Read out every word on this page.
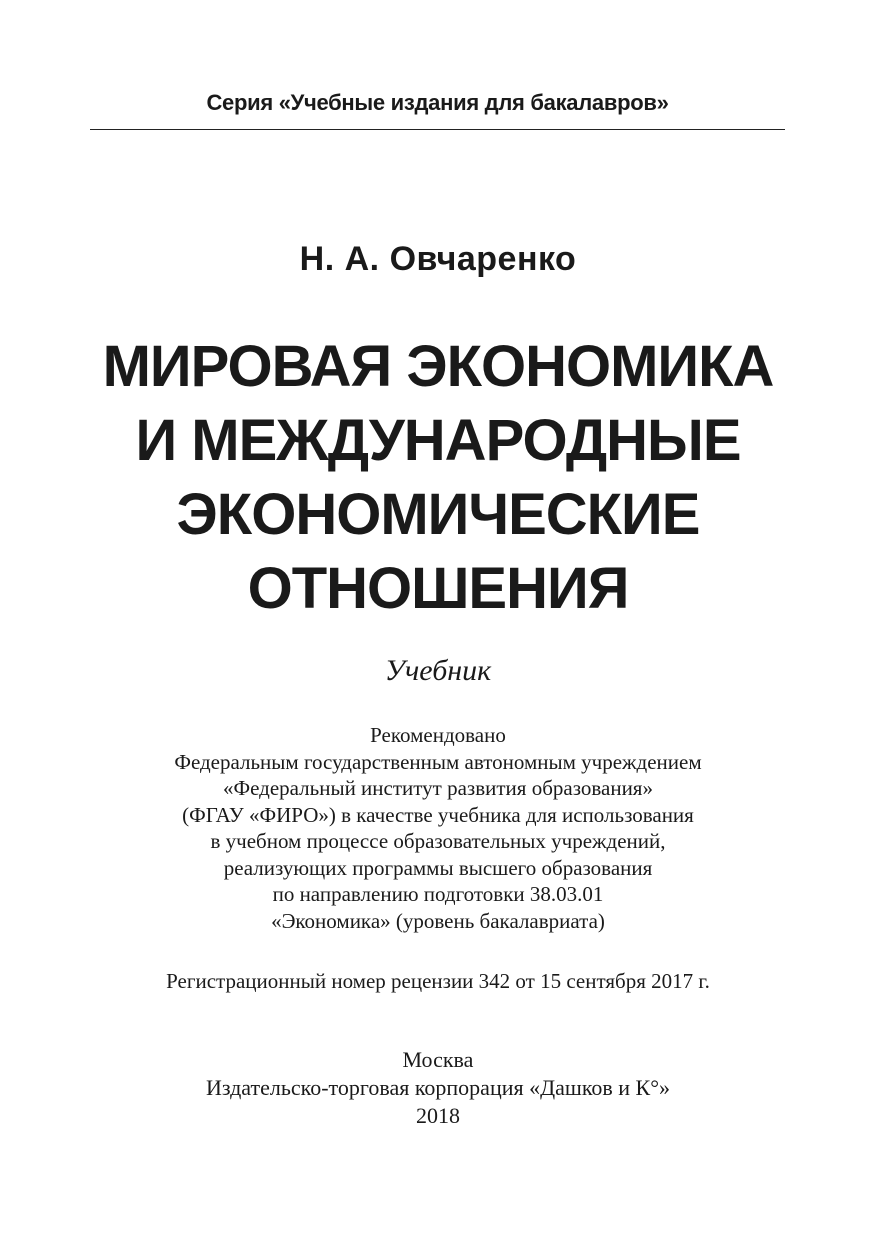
Серия «Учебные издания для бакалавров»
Н. А. Овчаренко
МИРОВАЯ ЭКОНОМИКА
И МЕЖДУНАРОДНЫЕ
ЭКОНОМИЧЕСКИЕ
ОТНОШЕНИЯ
Учебник
Рекомендовано
Федеральным государственным автономным учреждением
«Федеральный институт развития образования»
(ФГАУ «ФИРО») в качестве учебника для использования
в учебном процессе образовательных учреждений,
реализующих программы высшего образования
по направлению подготовки 38.03.01
«Экономика» (уровень бакалавриата)
Регистрационный номер рецензии 342 от 15 сентября 2017 г.
Москва
Издательско-торговая корпорация «Дашков и К°»
2018
